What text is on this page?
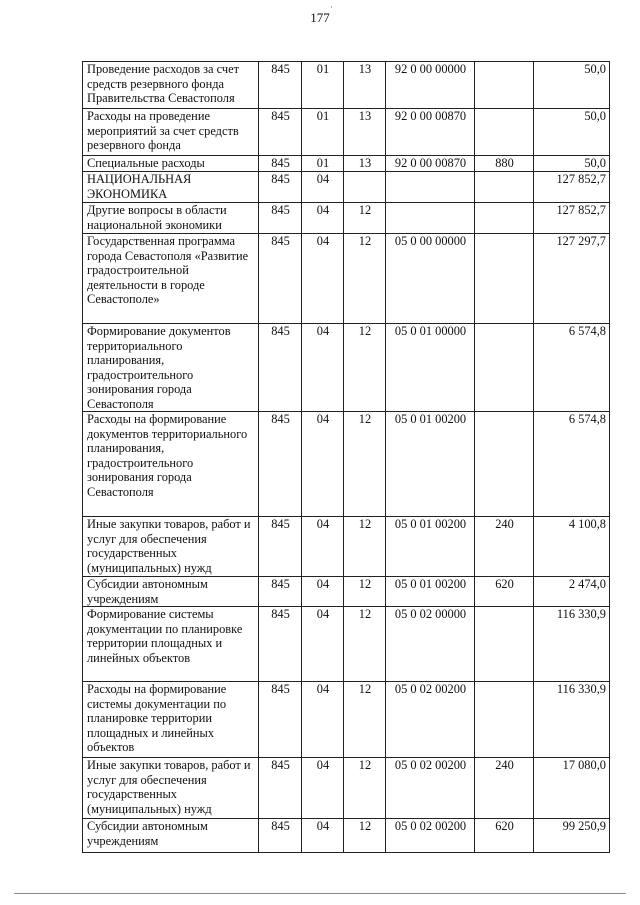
·
177
Проведение расходов за счет средств резервного фонда Правительства Севастополя	845	01	13	92 0 00 00000		50,0
Расходы на проведение мероприятий за счет средств резервного фонда	845	01	13	92 0 00 00870		50,0
Специальные расходы	845	01	13	92 0 00 00870	880	50,0
НАЦИОНАЛЬНАЯ ЭКОНОМИКА	845	04				127 852,7
Другие вопросы в области национальной экономики	845	04	12			127 852,7
Государственная программа города Севастополя «Развитие градостроительной деятельности в городе Севастополе»	845	04	12	05 0 00 00000		127 297,7
Формирование документов территориального планирования, градостроительного зонирования города Севастополя	845	04	12	05 0 01 00000		6 574,8
Расходы на формирование документов территориального планирования, градостроительного зонирования города Севастополя	845	04	12	05 0 01 00200		6 574,8
Иные закупки товаров, работ и услуг для обеспечения государственных (муниципальных) нужд	845	04	12	05 0 01 00200	240	4 100,8
Субсидии автономным учреждениям	845	04	12	05 0 01 00200	620	2 474,0
Формирование системы документации по планировке территории площадных и линейных объектов	845	04	12	05 0 02 00000		116 330,9
Расходы на формирование системы документации по планировке территории площадных и линейных объектов	845	04	12	05 0 02 00200		116 330,9
Иные закупки товаров, работ и услуг для обеспечения государственных (муниципальных) нужд	845	04	12	05 0 02 00200	240	17 080,0
Субсидии автономным учреждениям	845	04	12	05 0 02 00200	620	99 250,9
